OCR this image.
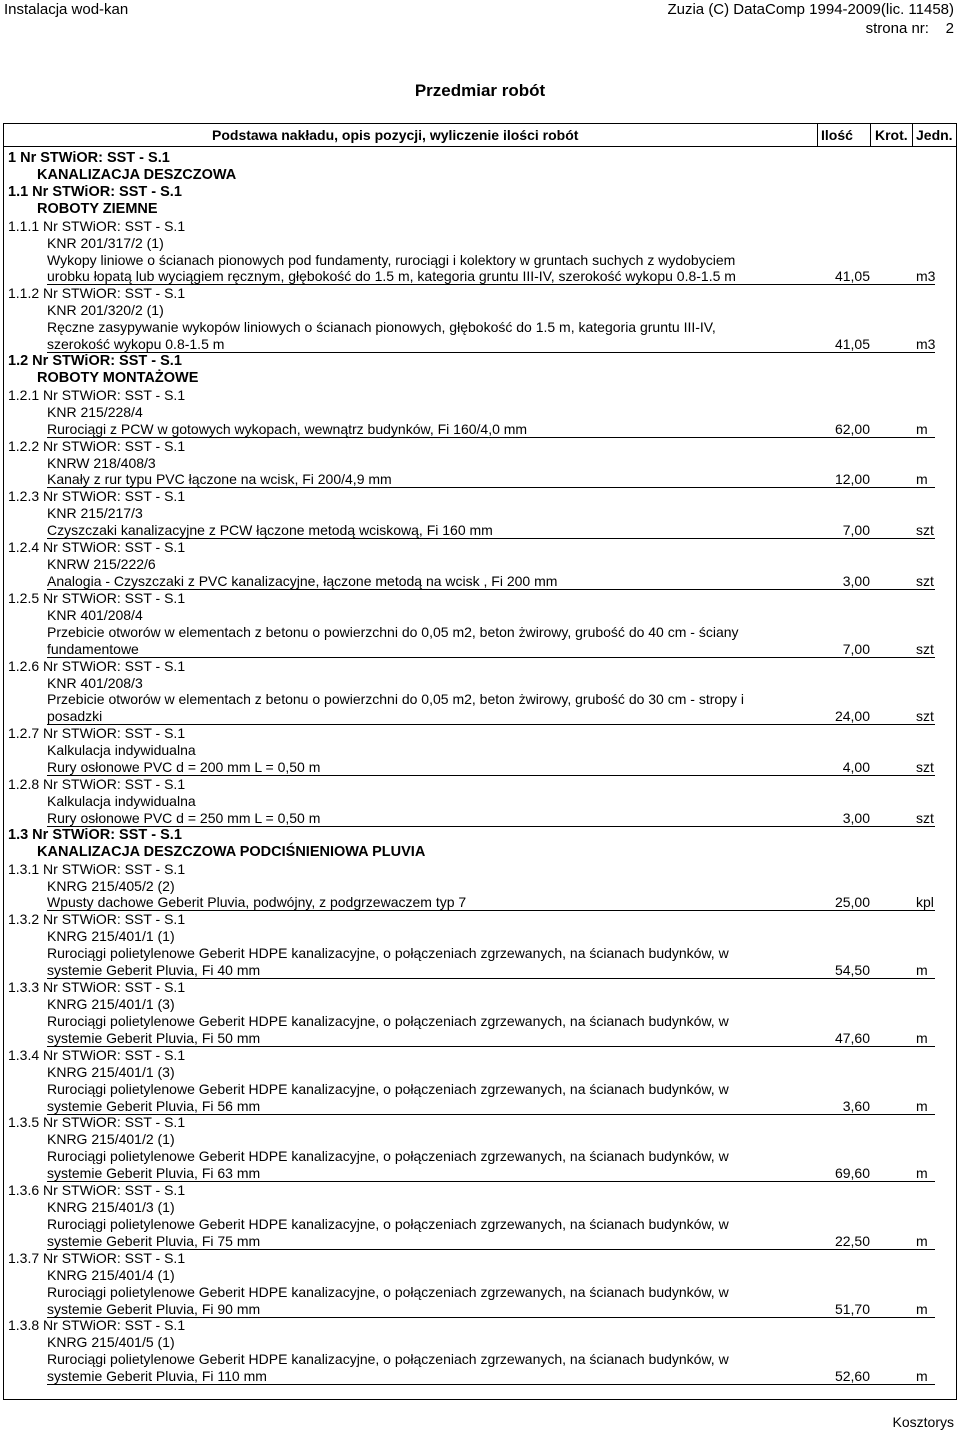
Instalacja wod-kan	Zuzia (C) DataComp 1994-2009(lic. 11458)
strona nr: 2
Przedmiar robót
Podstawa nakładu, opis pozycji, wyliczenie ilości robót	Ilość Krot. Jedn.
1 Nr STWiOR: SST - S.1
KANALIZACJA DESZCZOWA
1.1 Nr STWiOR: SST - S.1
ROBOTY ZIEMNE
1.1.1 Nr STWiOR: SST - S.1
KNR 201/317/2 (1)
Wykopy liniowe o ścianach pionowych pod fundamenty, rurociągi i kolektory w gruntach suchych z wydobyciem
urobku łopatą lub wyciągiem ręcznym, głębokość do 1.5 m, kategoria gruntu III-IV, szerokość wykopu 0.8-1.5 m	41,05	m3
1.1.2 Nr STWiOR: SST - S.1
KNR 201/320/2 (1)
Ręczne zasypywanie wykopów liniowych o ścianach pionowych, głębokość do 1.5 m, kategoria gruntu III-IV,
szerokość wykopu 0.8-1.5 m	41,05	m3
1.2 Nr STWiOR: SST - S.1
ROBOTY MONTAŻOWE
1.2.1 Nr STWiOR: SST - S.1
KNR 215/228/4
Rurociągi z PCW w gotowych wykopach, wewnątrz budynków, Fi 160/4,0 mm	62,00	m
1.2.2 Nr STWiOR: SST - S.1
KNRW 218/408/3
Kanały z rur typu PVC łączone na wcisk, Fi 200/4,9 mm	12,00	m
1.2.3 Nr STWiOR: SST - S.1
KNR 215/217/3
Czyszczaki kanalizacyjne z PCW łączone metodą wciskową, Fi 160 mm	7,00	szt
1.2.4 Nr STWiOR: SST - S.1
KNRW 215/222/6
Analogia - Czyszczaki z PVC kanalizacyjne, łączone metodą na wcisk , Fi 200 mm	3,00	szt
1.2.5 Nr STWiOR: SST - S.1
KNR 401/208/4
Przebicie otworów w elementach z betonu o powierzchni do 0,05 m2, beton żwirowy, grubość do 40 cm - ściany
fundamentowe	7,00	szt
1.2.6 Nr STWiOR: SST - S.1
KNR 401/208/3
Przebicie otworów w elementach z betonu o powierzchni do 0,05 m2, beton żwirowy, grubość do 30 cm - stropy i
posadzki	24,00	szt
1.2.7 Nr STWiOR: SST - S.1
Kalkulacja indywidualna
Rury osłonowe PVC d = 200 mm L = 0,50 m	4,00	szt
1.2.8 Nr STWiOR: SST - S.1
Kalkulacja indywidualna
Rury osłonowe PVC d = 250 mm L = 0,50 m	3,00	szt
1.3 Nr STWiOR: SST - S.1
KANALIZACJA DESZCZOWA PODCIŚNIENIOWA PLUVIA
1.3.1 Nr STWiOR: SST - S.1
KNRG 215/405/2 (2)
Wpusty dachowe Geberit Pluvia, podwójny, z podgrzewaczem typ 7	25,00	kpl
1.3.2 Nr STWiOR: SST - S.1
KNRG 215/401/1 (1)
Rurociągi polietylenowe Geberit HDPE kanalizacyjne, o połączeniach zgrzewanych, na ścianach budynków, w
systemie Geberit Pluvia, Fi 40 mm	54,50	m
1.3.3 Nr STWiOR: SST - S.1
KNRG 215/401/1 (3)
Rurociągi polietylenowe Geberit HDPE kanalizacyjne, o połączeniach zgrzewanych, na ścianach budynków, w
systemie Geberit Pluvia, Fi 50 mm	47,60	m
1.3.4 Nr STWiOR: SST - S.1
KNRG 215/401/1 (3)
Rurociągi polietylenowe Geberit HDPE kanalizacyjne, o połączeniach zgrzewanych, na ścianach budynków, w
systemie Geberit Pluvia, Fi 56 mm	3,60	m
1.3.5 Nr STWiOR: SST - S.1
KNRG 215/401/2 (1)
Rurociągi polietylenowe Geberit HDPE kanalizacyjne, o połączeniach zgrzewanych, na ścianach budynków, w
systemie Geberit Pluvia, Fi 63 mm	69,60	m
1.3.6 Nr STWiOR: SST - S.1
KNRG 215/401/3 (1)
Rurociągi polietylenowe Geberit HDPE kanalizacyjne, o połączeniach zgrzewanych, na ścianach budynków, w
systemie Geberit Pluvia, Fi 75 mm	22,50	m
1.3.7 Nr STWiOR: SST - S.1
KNRG 215/401/4 (1)
Rurociągi polietylenowe Geberit HDPE kanalizacyjne, o połączeniach zgrzewanych, na ścianach budynków, w
systemie Geberit Pluvia, Fi 90 mm	51,70	m
1.3.8 Nr STWiOR: SST - S.1
KNRG 215/401/5 (1)
Rurociągi polietylenowe Geberit HDPE kanalizacyjne, o połączeniach zgrzewanych, na ścianach budynków, w
systemie Geberit Pluvia, Fi 110 mm	52,60	m
Kosztorys
